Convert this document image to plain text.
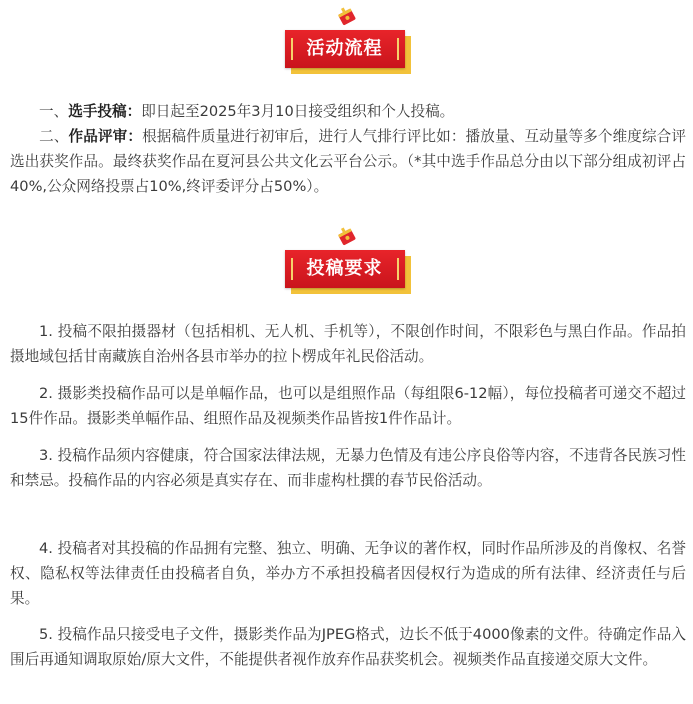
活动流程

一、选手投稿：即日起至2025年3月10日接受组织和个人投稿。

二、作品评审：根据稿件质量进行初审后，进行人气排行评比如：播放量、互动量等多个维度综合评选出获奖作品。最终获奖作品在夏河县公共文化云平台公示。（*其中选手作品总分由以下部分组成初评占40%,公众网络投票占10%,终评委评分占50%）。

投稿要求

1. 投稿不限拍摄器材（包括相机、无人机、手机等），不限创作时间，不限彩色与黑白作品。作品拍摄地域包括甘南藏族自治州各县市举办的拉卜楞成年礼民俗活动。

2. 摄影类投稿作品可以是单幅作品，也可以是组照作品（每组限6-12幅），每位投稿者可递交不超过15件作品。摄影类单幅作品、组照作品及视频类作品皆按1件作品计。

3. 投稿作品须内容健康，符合国家法律法规，无暴力色情及有违公序良俗等内容，不违背各民族习性和禁忌。投稿作品的内容必须是真实存在、而非虚构杜撰的春节民俗活动。

4. 投稿者对其投稿的作品拥有完整、独立、明确、无争议的著作权，同时作品所涉及的肖像权、名誉权、隐私权等法律责任由投稿者自负，举办方不承担投稿者因侵权行为造成的所有法律、经济责任与后果。

5. 投稿作品只接受电子文件，摄影类作品为JPEG格式，边长不低于4000像素的文件。待确定作品入围后再通知调取原始/原大文件，不能提供者视作放弃作品获奖机会。视频类作品直接递交原大文件。
